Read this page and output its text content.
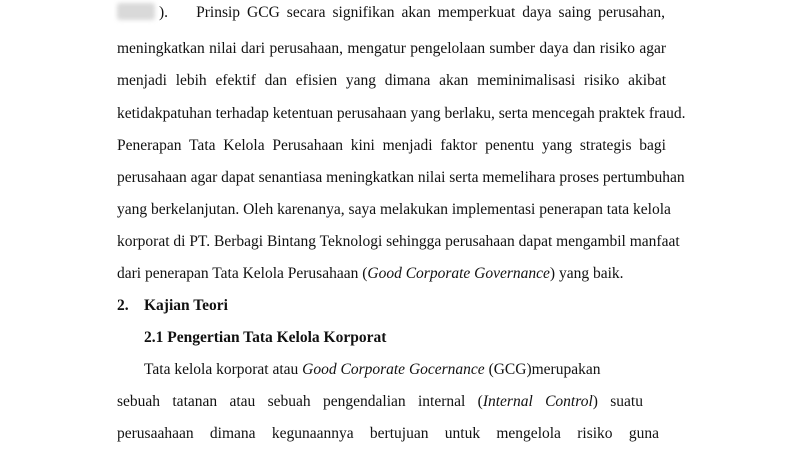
).    Prinsip GCG secara signifikan akan memperkuat daya saing perusahan,
meningkatkan nilai dari perusahaan, mengatur pengelolaan sumber daya dan risiko agar
menjadi lebih efektif dan efisien yang dimana akan meminimalisasi risiko akibat
ketidakpatuhan terhadap ketentuan perusahaan yang berlaku, serta mencegah praktek fraud.
Penerapan Tata Kelola Perusahaan kini menjadi faktor penentu yang strategis bagi
perusahaan agar dapat senantiasa meningkatkan nilai serta memelihara proses pertumbuhan
yang berkelanjutan. Oleh karenanya, saya melakukan implementasi penerapan tata kelola
korporat di PT. Berbagi Bintang Teknologi sehingga perusahaan dapat mengambil manfaat
dari penerapan Tata Kelola Perusahaan (Good Corporate Governance) yang baik.
2. Kajian Teori
2.1 Pengertian Tata Kelola Korporat
Tata kelola korporat atau Good Corporate Gocernance (GCG)merupakan
sebuah tatanan atau sebuah pengendalian internal (Internal Control) suatu
perusaahaan dimana kegunaannya bertujuan untuk mengelola risiko guna
